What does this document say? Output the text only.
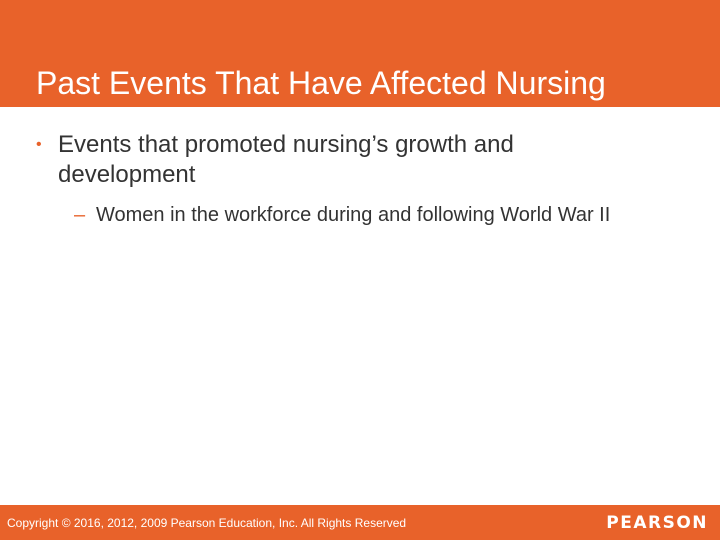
Past Events That Have Affected Nursing
• Events that promoted nursing’s growth and development
– Women in the workforce during and following World War II
Copyright © 2016, 2012, 2009 Pearson Education, Inc. All Rights Reserved	PEARSON
